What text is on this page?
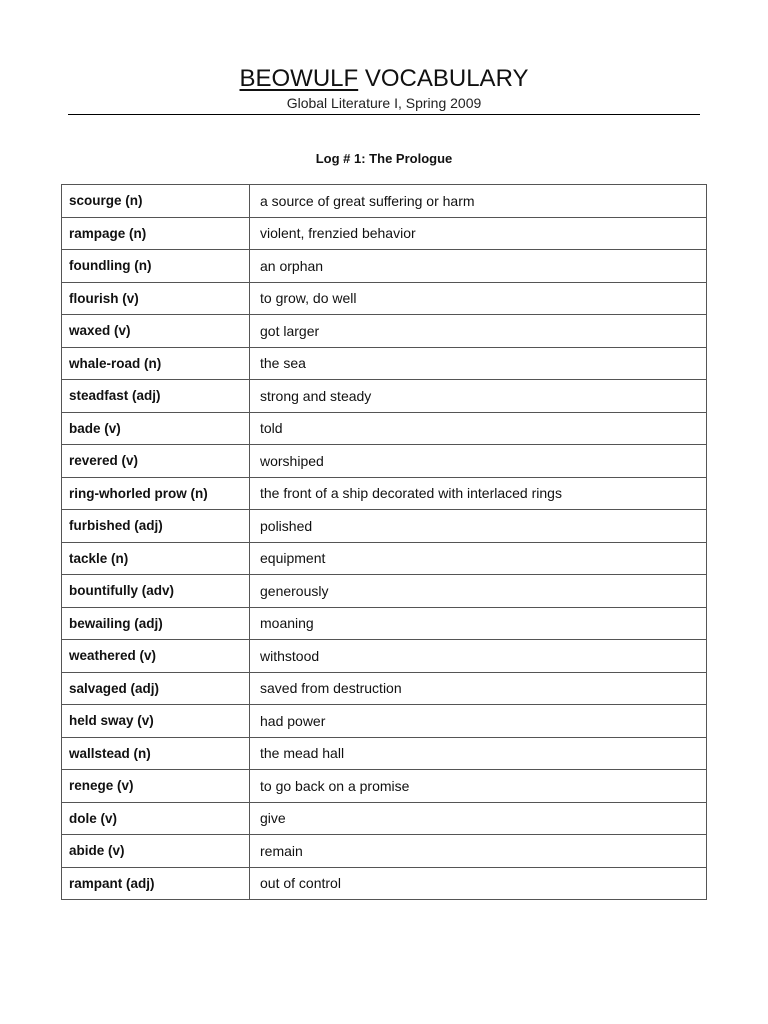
BEOWULF VOCABULARY
Global Literature I, Spring 2009
Log # 1: The Prologue
scourge (n)	a source of great suffering or harm
rampage (n)	violent, frenzied behavior
foundling (n)	an orphan
flourish (v)	to grow, do well
waxed (v)	got larger
whale-road (n)	the sea
steadfast (adj)	strong and steady
bade (v)	told
revered (v)	worshiped
ring-whorled prow (n)	the front of a ship decorated with interlaced rings
furbished (adj)	polished
tackle (n)	equipment
bountifully (adv)	generously
bewailing (adj)	moaning
weathered (v)	withstood
salvaged (adj)	saved from destruction
held sway (v)	had power
wallstead (n)	the mead hall
renege (v)	to go back on a promise
dole (v)	give
abide (v)	remain
rampant (adj)	out of control
